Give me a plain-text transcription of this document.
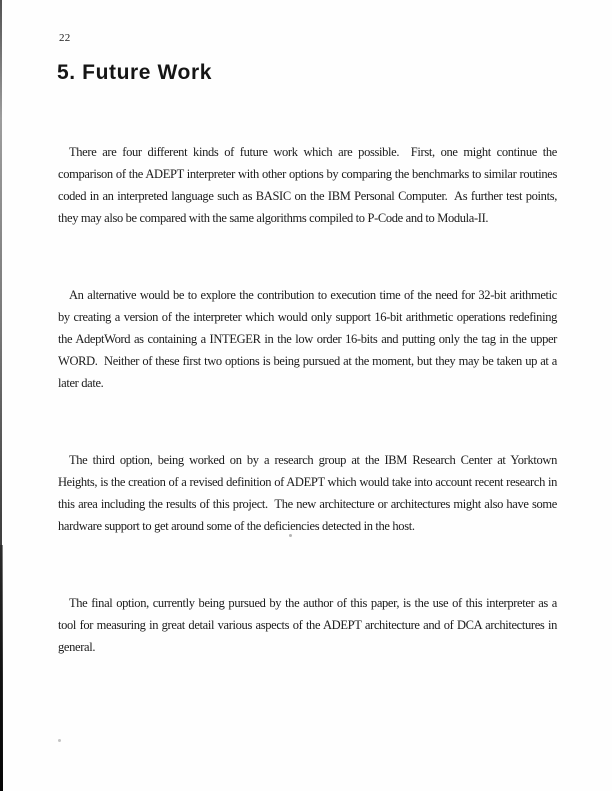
22
5. Future Work

There are four different kinds of future work which are possible.  First, one might continue the comparison of the ADEPT interpreter with other options by comparing the benchmarks to similar routines coded in an interpreted language such as BASIC on the IBM Personal Computer.  As further test points, they may also be compared with the same algorithms compiled to P-Code and to Modula-II.

An alternative would be to explore the contribution to execution time of the need for 32-bit arithmetic by creating a version of the interpreter which would only support 16-bit arithmetic operations redefining the AdeptWord as containing a INTEGER in the low order 16-bits and putting only the tag in the upper WORD.  Neither of these first two options is being pursued at the moment, but they may be taken up at a later date.

The third option, being worked on by a research group at the IBM Research Center at Yorktown Heights, is the creation of a revised definition of ADEPT which would take into account recent research in this area including the results of this project.  The new architecture or architectures might also have some hardware support to get around some of the deficiencies detected in the host.

The final option, currently being pursued by the author of this paper, is the use of this interpreter as a tool for measuring in great detail various aspects of the ADEPT architecture and of DCA architectures in general.
